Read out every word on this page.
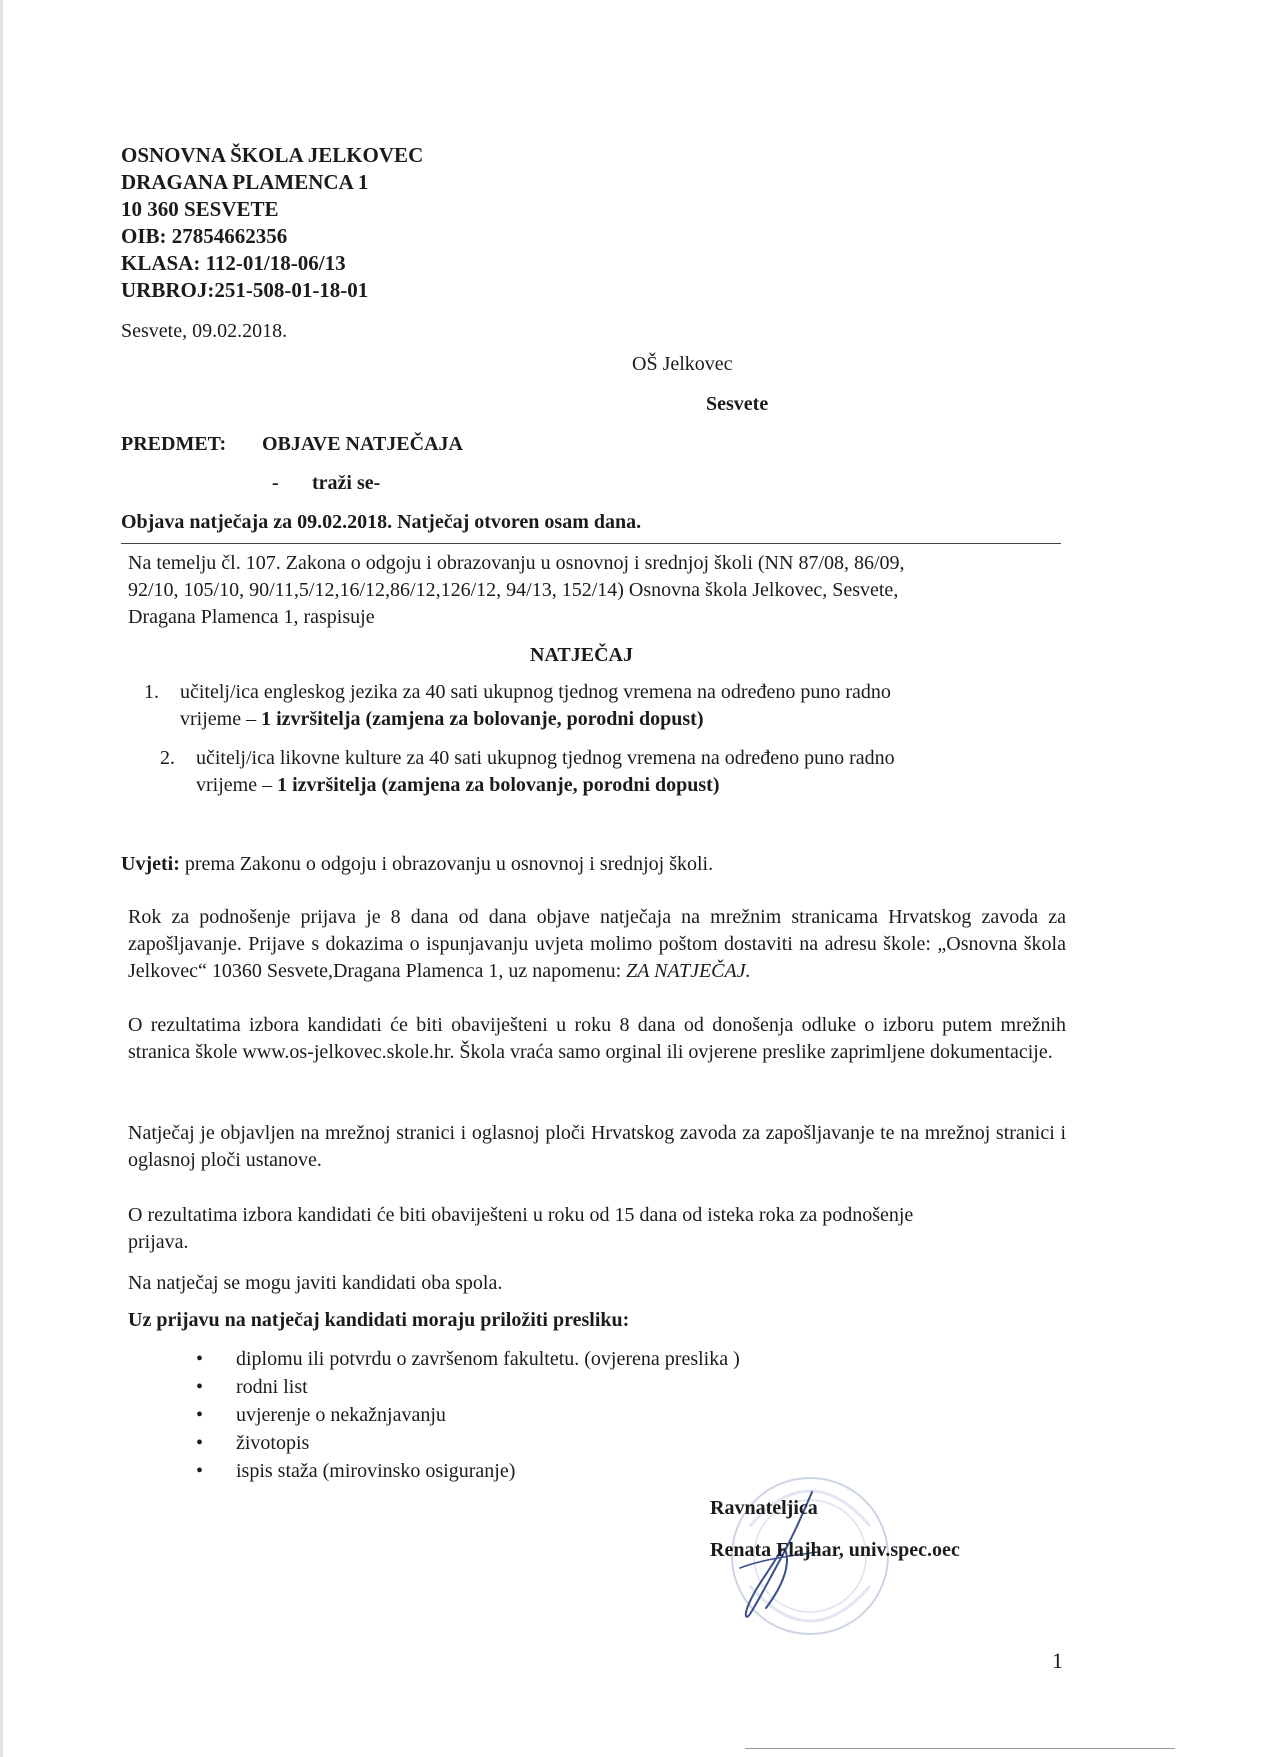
OSNOVNA ŠKOLA JELKOVEC
DRAGANA PLAMENCA 1
10 360 SESVETE
OIB: 27854662356
KLASA: 112-01/18-06/13
URBROJ:251-508-01-18-01
Sesvete, 09.02.2018.
OŠ Jelkovec
Sesvete
PREDMET: OBJAVE NATJEČAJA
- traži se-
Objava natječaja za 09.02.2018. Natječaj otvoren osam dana.
Na temelju čl. 107. Zakona o odgoju i obrazovanju u osnovnoj i srednjoj školi (NN 87/08, 86/09,
92/10, 105/10, 90/11,5/12,16/12,86/12,126/12, 94/13, 152/14) Osnovna škola Jelkovec, Sesvete,
Dragana Plamenca 1, raspisuje
NATJEČAJ
1. učitelj/ica engleskog jezika za 40 sati ukupnog tjednog vremena na određeno puno radno
vrijeme – 1 izvršitelja (zamjena za bolovanje, porodni dopust)
2. učitelj/ica likovne kulture za 40 sati ukupnog tjednog vremena na određeno puno radno
vrijeme – 1 izvršitelja (zamjena za bolovanje, porodni dopust)
Uvjeti: prema Zakonu o odgoju i obrazovanju u osnovnoj i srednjoj školi.
Rok za podnošenje prijava je 8 dana od dana objave natječaja na mrežnim stranicama Hrvatskog zavoda za zapošljavanje. Prijave s dokazima o ispunjavanju uvjeta molimo poštom dostaviti na adresu škole: „Osnovna škola Jelkovec“ 10360 Sesvete,Dragana Plamenca 1, uz napomenu: ZA NATJEČAJ.
O rezultatima izbora kandidati će biti obaviješteni u roku 8 dana od donošenja odluke o izboru putem mrežnih stranica škole www.os-jelkovec.skole.hr. Škola vraća samo orginal ili ovjerene preslike zaprimljene dokumentacije.
Natječaj je objavljen na mrežnoj stranici i oglasnoj ploči Hrvatskog zavoda za zapošljavanje te na mrežnoj stranici i oglasnoj ploči ustanove.
O rezultatima izbora kandidati će biti obaviješteni u roku od 15 dana od isteka roka za podnošenje
prijava.
Na natječaj se mogu javiti kandidati oba spola.
Uz prijavu na natječaj kandidati moraju priložiti presliku:
• diplomu ili potvrdu o završenom fakultetu. (ovjerena preslika )
• rodni list
• uvjerenje o nekažnjavanju
• životopis
• ispis staža (mirovinsko osiguranje)
Ravnateljica
Renata Flajhar, univ.spec.oec
1
